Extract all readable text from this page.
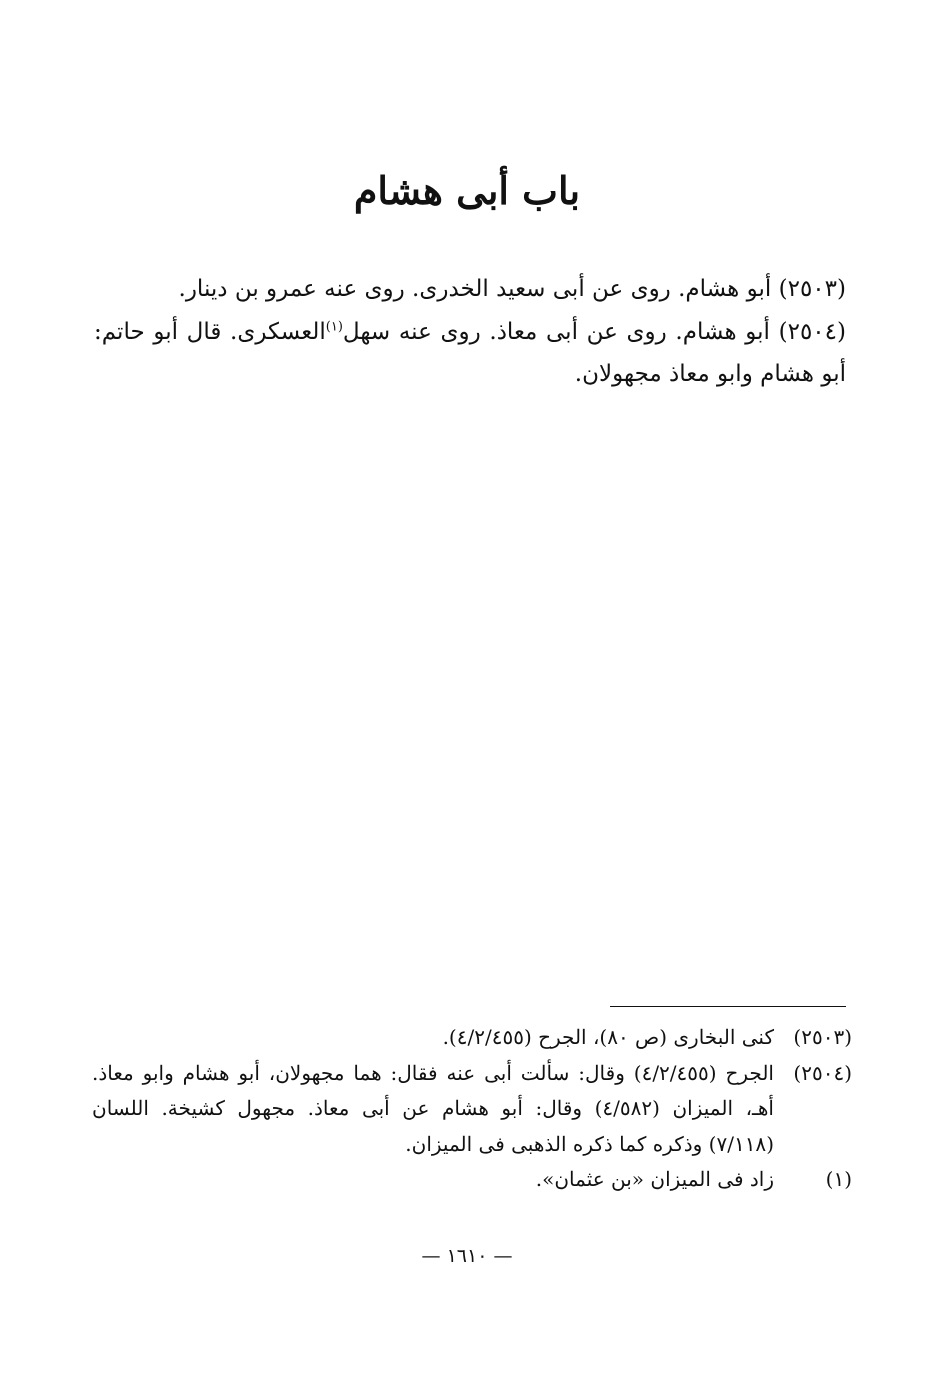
باب أبى هشام

(٢٥٠٣) أبو هشام. روى عن أبى سعيد الخدرى. روى عنه عمرو بن دينار.

(٢٥٠٤) أبو هشام. روى عن أبى معاذ. روى عنه سهل$^{(١)}$العسكرى. قال أبو حاتم: أبو هشام وابو معاذ مجهولان.

(٢٥٠٣)
كنى البخارى (ص ٨٠)، الجرح (٤/٢/٤٥٥).
(٢٥٠٤)
الجرح (٤/٢/٤٥٥) وقال: سألت أبى عنه فقال: هما مجهولان، أبو هشام وابو معاذ. أهـ، الميزان (٤/٥٨٢) وقال: أبو هشام عن أبى معاذ. مجهول كشيخة. اللسان (٧/١١٨) وذكره كما ذكره الذهبى فى الميزان.
(١)
زاد فى الميزان «بن عثمان».
— ١٦١٠ —
